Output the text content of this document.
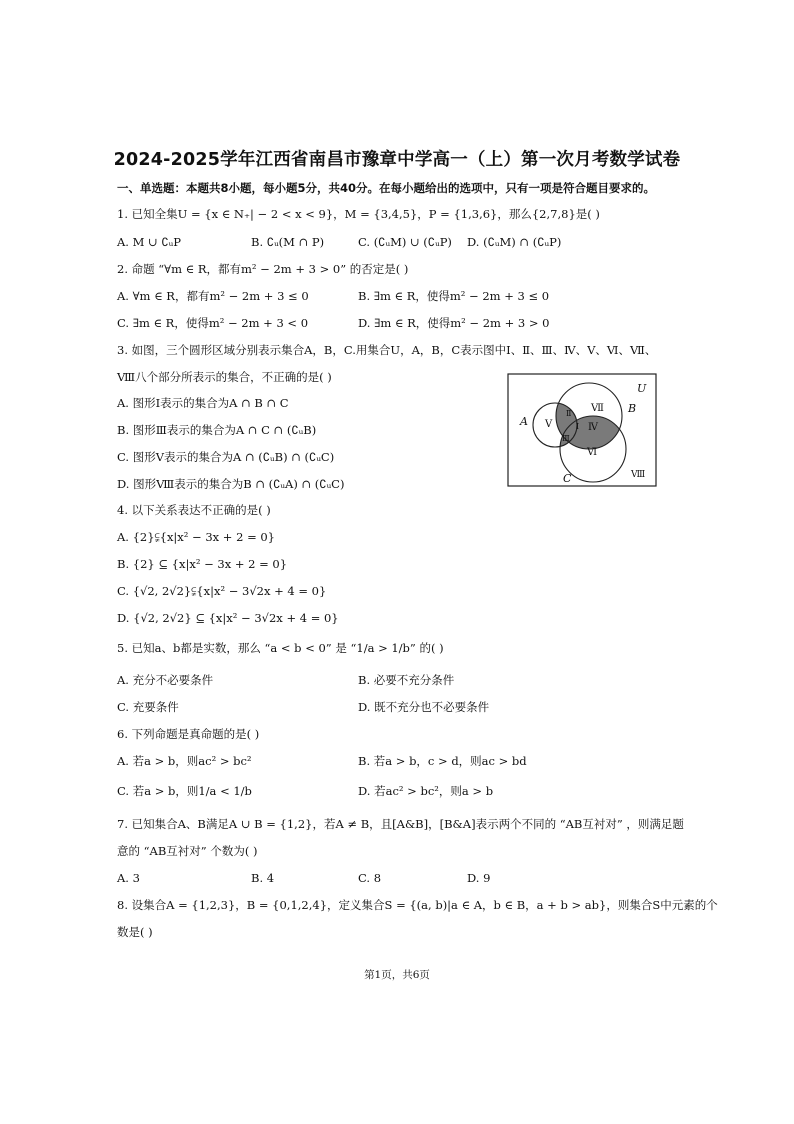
2024-2025学年江西省南昌市豫章中学高一（上）第一次月考数学试卷
一、单选题：本题共8小题，每小题5分，共40分。在每小题给出的选项中，只有一项是符合题目要求的。
1. 已知全集U = {x ∈ N₊| − 2 < x < 9}，M = {3,4,5}，P = {1,3,6}，那么{2,7,8}是( )
A. M ∪ ∁ᵤP	B. ∁ᵤ(M ∩ P)	C. (∁ᵤM) ∪ (∁ᵤP) D. (∁ᵤM) ∩ (∁ᵤP)
2. 命题 “∀m ∈ R，都有m² − 2m + 3 > 0” 的否定是( )
A. ∀m ∈ R，都有m² − 2m + 3 ≤ 0	B. ∃m ∈ R，使得m² − 2m + 3 ≤ 0
C. ∃m ∈ R，使得m² − 2m + 3 < 0	D. ∃m ∈ R，使得m² − 2m + 3 > 0
3. 如图，三个圆形区域分别表示集合A，B，C.用集合U，A，B，C表示图中Ⅰ、Ⅱ、Ⅲ、Ⅳ、Ⅴ、Ⅵ、Ⅶ、
Ⅷ八个部分所表示的集合，不正确的是( )
A. 图形Ⅰ表示的集合为A ∩ B ∩ C
B. 图形Ⅲ表示的集合为A ∩ C ∩ (∁ᵤB)
C. 图形Ⅴ表示的集合为A ∩ (∁ᵤB) ∩ (∁ᵤC)
D. 图形Ⅷ表示的集合为B ∩ (∁ᵤA) ∩ (∁ᵤC)
U
A
B
C
Ⅴ
Ⅶ
Ⅱ
Ⅰ Ⅳ
Ⅲ
Ⅵ
Ⅷ
4. 以下关系表达不正确的是( )
A. {2}⫋{x|x² − 3x + 2 = 0}
B. {2} ⊆ {x|x² − 3x + 2 = 0}
C. {√2, 2√2}⫋{x|x² − 3√2x + 4 = 0}
D. {√2, 2√2} ⊆ {x|x² − 3√2x + 4 = 0}
5. 已知a、b都是实数，那么 “a < b < 0” 是 “1/a > 1/b” 的( )
A. 充分不必要条件	B. 必要不充分条件
C. 充要条件	D. 既不充分也不必要条件
6. 下列命题是真命题的是( )
A. 若a > b，则ac² > bc²	B. 若a > b，c > d，则ac > bd
C. 若a > b，则1/a < 1/b	D. 若ac² > bc²，则a > b
7. 已知集合A、B满足A ∪ B = {1,2}，若A ≠ B，且[A&B]，[B&A]表示两个不同的 “AB互衬对” ，则满足题
意的 “AB互衬对” 个数为( )
A. 3	B. 4	C. 8	D. 9
8. 设集合A = {1,2,3}，B = {0,1,2,4}，定义集合S = {(a, b)|a ∈ A，b ∈ B，a + b > ab}，则集合S中元素的个
数是( )
第1页，共6页
